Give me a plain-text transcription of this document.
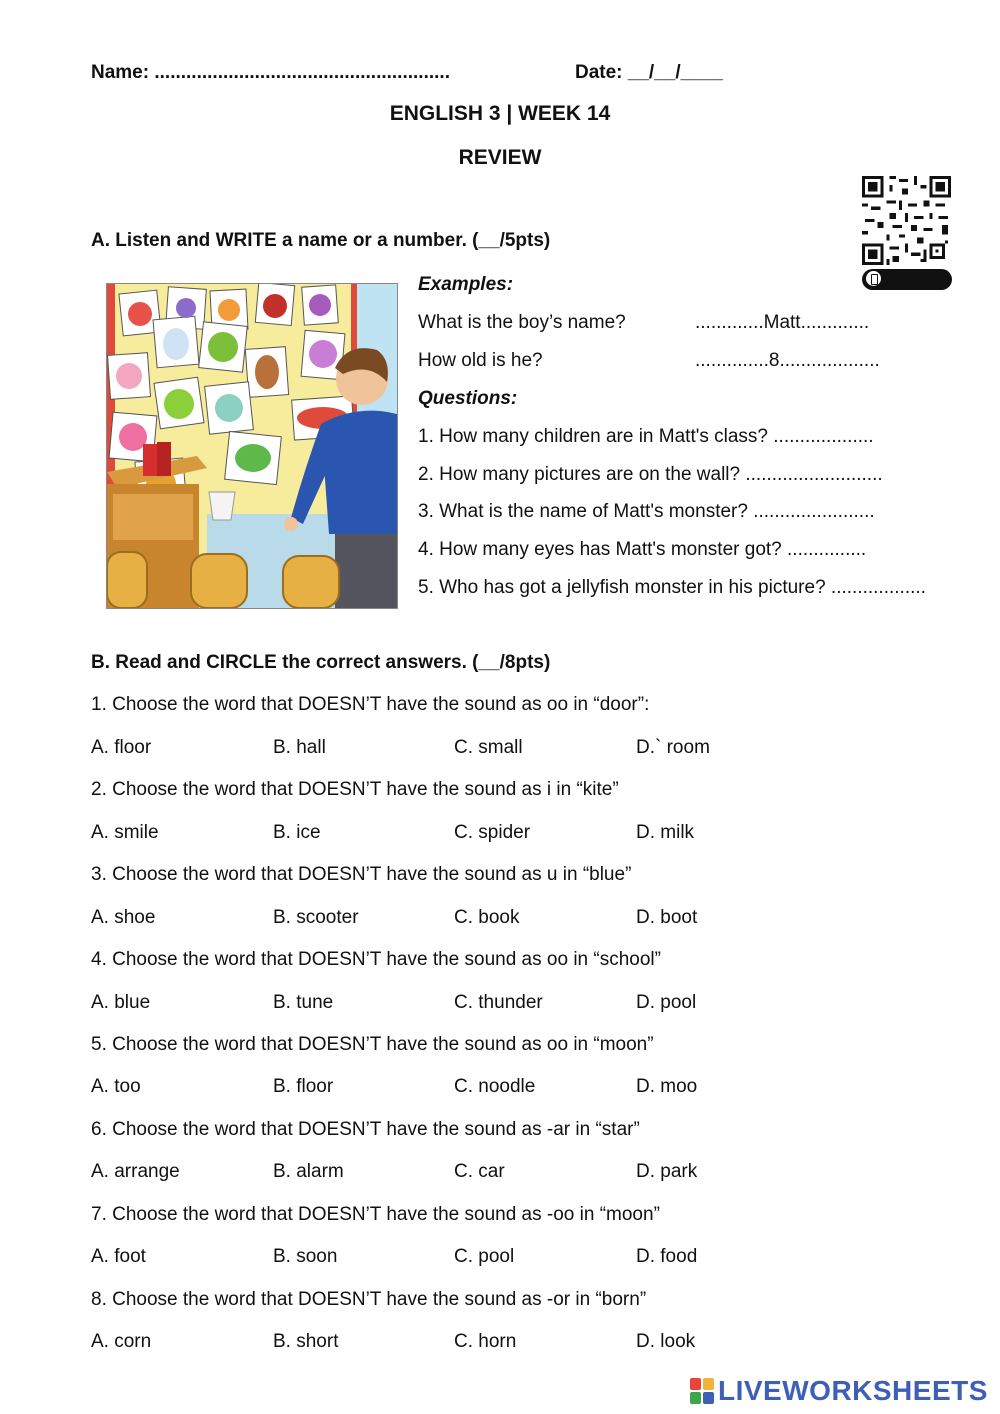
Name: ........................................................	Date: __/__/____
ENGLISH 3 | WEEK 14
REVIEW
A. Listen and WRITE a name or a number. (__/5pts)
Examples:
What is the boy’s name?	.............Matt.............
How old is he?	..............8...................
Questions:
1. How many children are in Matt's class? ...................
2. How many pictures are on the wall? ..........................
3. What is the name of Matt's monster? .......................
4. How many eyes has Matt's monster got? ...............
5. Who has got a jellyfish monster in his picture? ..................
B. Read and CIRCLE the correct answers. (__/8pts)
1. Choose the word that DOESN’T have the sound as oo in “door”:
A. floor	B. hall	C. small	D.` room
2. Choose the word that DOESN’T have the sound as i in “kite”
A. smile	B. ice	C. spider	D. milk
3. Choose the word that DOESN’T have the sound as u in “blue”
A. shoe	B. scooter	C. book	D. boot
4. Choose the word that DOESN’T have the sound as oo in “school”
A. blue	B. tune	C. thunder	D. pool
5. Choose the word that DOESN’T have the sound as oo in “moon”
A. too	B. floor	C. noodle	D. moo
6. Choose the word that DOESN’T have the sound as -ar in “star”
A. arrange	B. alarm	C. car	D. park
7. Choose the word that DOESN’T have the sound as -oo in “moon”
A. foot	B. soon	C. pool	D. food
8. Choose the word that DOESN’T have the sound as -or in “born”
A. corn	B. short	C. horn	D. look
LIVEWORKSHEETS
